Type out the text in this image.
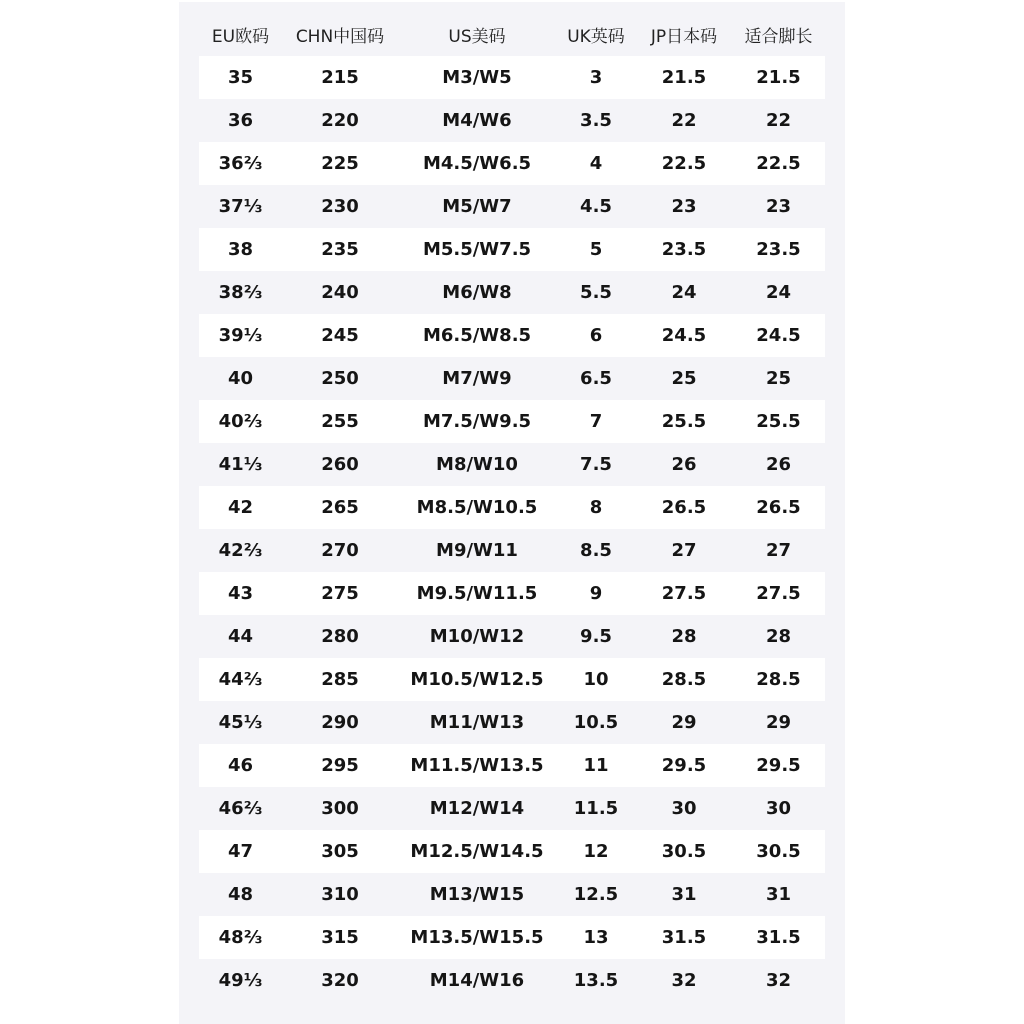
EU欧码	CHN中国码	US美码	UK英码	JP日本码	适合脚长
35	215	M3/W5	3	21.5	21.5
36	220	M4/W6	3.5	22	22
36⅔	225	M4.5/W6.5	4	22.5	22.5
37⅓	230	M5/W7	4.5	23	23
38	235	M5.5/W7.5	5	23.5	23.5
38⅔	240	M6/W8	5.5	24	24
39⅓	245	M6.5/W8.5	6	24.5	24.5
40	250	M7/W9	6.5	25	25
40⅔	255	M7.5/W9.5	7	25.5	25.5
41⅓	260	M8/W10	7.5	26	26
42	265	M8.5/W10.5	8	26.5	26.5
42⅔	270	M9/W11	8.5	27	27
43	275	M9.5/W11.5	9	27.5	27.5
44	280	M10/W12	9.5	28	28
44⅔	285	M10.5/W12.5	10	28.5	28.5
45⅓	290	M11/W13	10.5	29	29
46	295	M11.5/W13.5	11	29.5	29.5
46⅔	300	M12/W14	11.5	30	30
47	305	M12.5/W14.5	12	30.5	30.5
48	310	M13/W15	12.5	31	31
48⅔	315	M13.5/W15.5	13	31.5	31.5
49⅓	320	M14/W16	13.5	32	32
